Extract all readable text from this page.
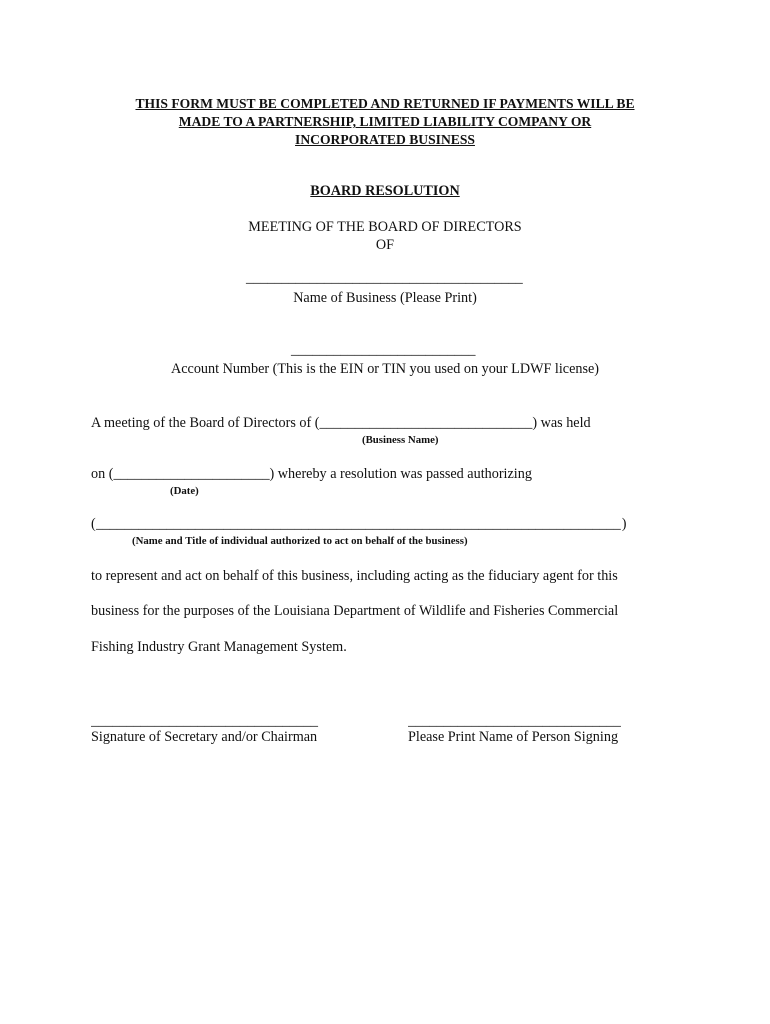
THIS FORM MUST BE COMPLETED AND RETURNED IF PAYMENTS WILL BE
MADE TO A PARTNERSHIP, LIMITED LIABILITY COMPANY OR
INCORPORATED BUSINESS
BOARD RESOLUTION
MEETING OF THE BOARD OF DIRECTORS
OF
_______________________________________
Name of Business (Please Print)
__________________________
Account Number (This is the EIN or TIN you used on your LDWF license)
A meeting of the Board of Directors of (______________________________) was held
(Business Name)
on (______________________) whereby a resolution was passed authorizing
(Date)
(__________________________________________________________________________)
(Name and Title of individual authorized to act on behalf of the business)
to represent and act on behalf of this business, including acting as the fiduciary agent for this
business for the purposes of the Louisiana Department of Wildlife and Fisheries Commercial
Fishing Industry Grant Management System.
________________________________	______________________________
Signature of Secretary and/or Chairman	Please Print Name of Person Signing
